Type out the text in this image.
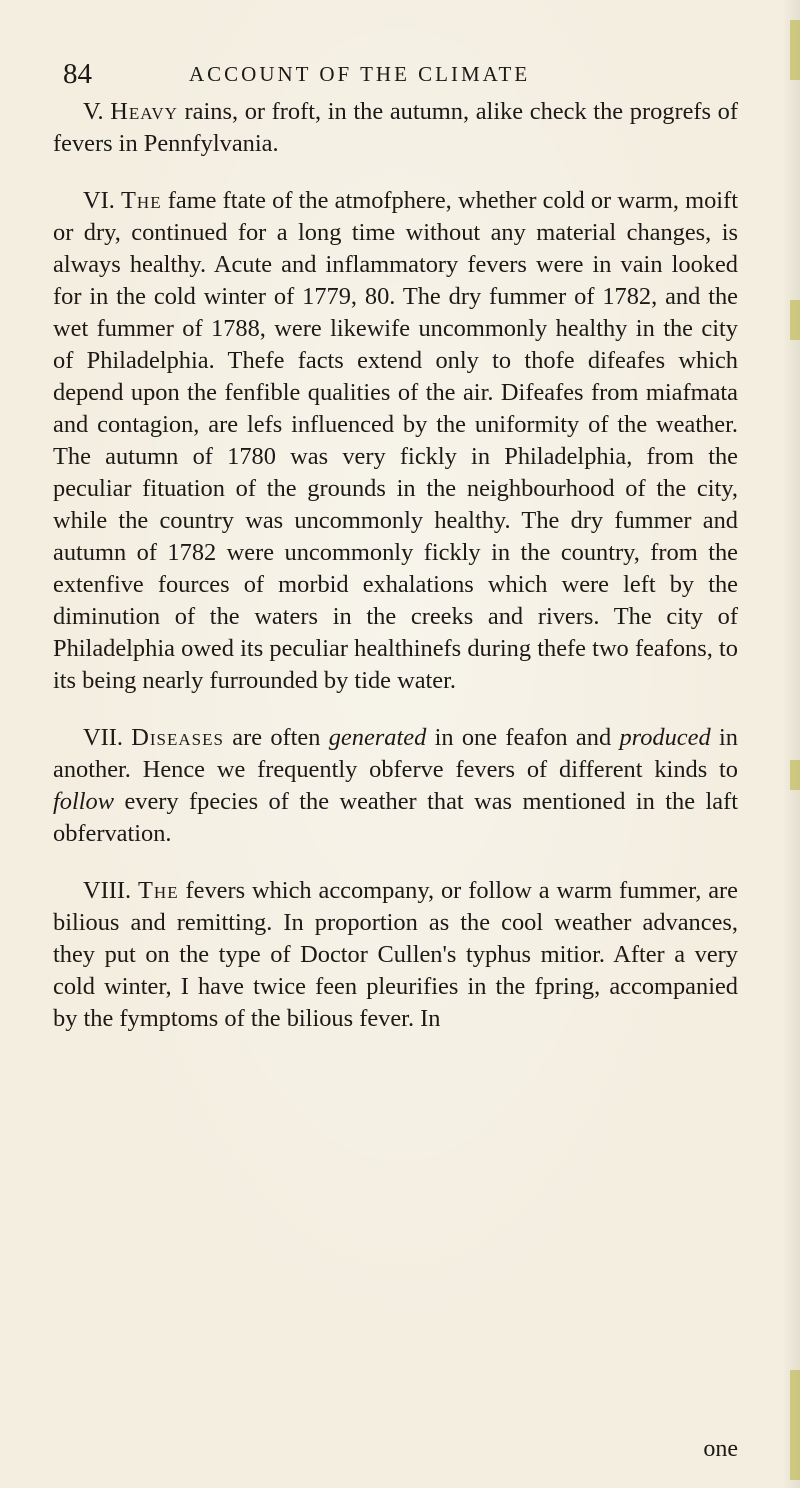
84	ACCOUNT OF THE CLIMATE

V. Heavy rains, or froft, in the autumn, alike check the progrefs of fevers in Pennfylvania.

VI. The fame ftate of the atmofphere, whether cold or warm, moift or dry, continued for a long time without any material changes, is always healthy. Acute and inflammatory fevers were in vain looked for in the cold winter of 1779, 80. The dry fummer of 1782, and the wet fummer of 1788, were likewife uncommonly healthy in the city of Philadelphia. Thefe facts extend only to thofe difeafes which depend upon the fenfible qualities of the air. Difeafes from miafmata and contagion, are lefs influenced by the uniformity of the weather. The autumn of 1780 was very fickly in Philadelphia, from the peculiar fituation of the grounds in the neighbourhood of the city, while the country was uncommonly healthy. The dry fummer and autumn of 1782 were uncommonly fickly in the country, from the extenfive fources of morbid exhalations which were left by the diminution of the waters in the creeks and rivers. The city of Philadelphia owed its peculiar healthinefs during thefe two feafons, to its being nearly furrounded by tide water.

VII. Diseases are often generated in one feafon and produced in another. Hence we frequently obferve fevers of different kinds to follow every fpecies of the weather that was mentioned in the laft obfervation.

VIII. The fevers which accompany, or follow a warm fummer, are bilious and remitting. In proportion as the cool weather advances, they put on the type of Doctor Cullen's typhus mitior. After a very cold winter, I have twice feen pleurifies in the fpring, accompanied by the fymptoms of the bilious fever. In

one
